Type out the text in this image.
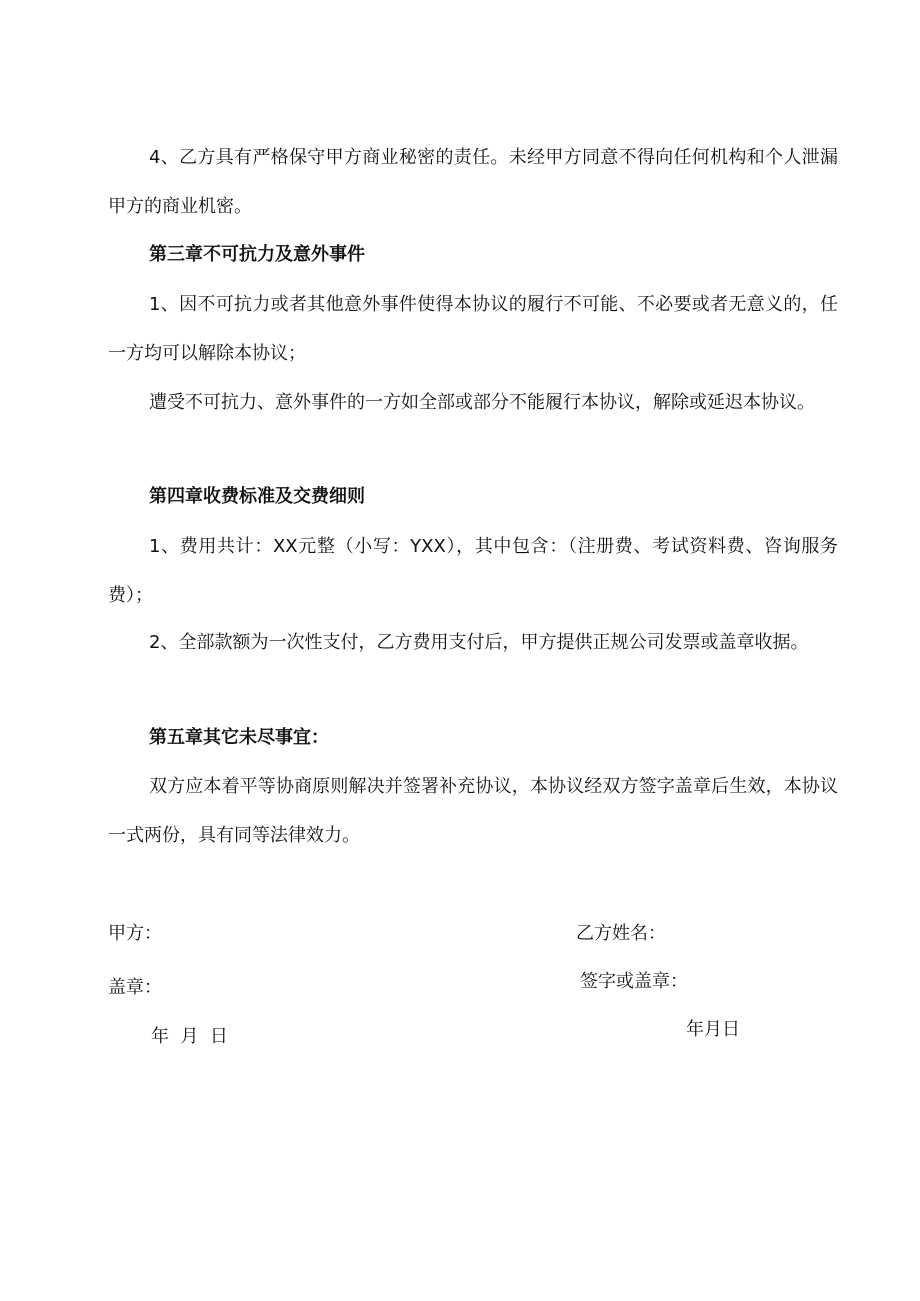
4、乙方具有严格保守甲方商业秘密的责任。未经甲方同意不得向任何机构和个人泄漏甲方的商业机密。

第三章不可抗力及意外事件

1、因不可抗力或者其他意外事件使得本协议的履行不可能、不必要或者无意义的，任一方均可以解除本协议；

遭受不可抗力、意外事件的一方如全部或部分不能履行本协议，解除或延迟本协议。

第四章收费标准及交费细则

1、费用共计：XX元整（小写：YXX），其中包含：（注册费、考试资料费、咨询服务费）；

2、全部款额为一次性支付，乙方费用支付后，甲方提供正规公司发票或盖章收据。

第五章其它未尽事宜：

双方应本着平等协商原则解决并签署补充协议，本协议经双方签字盖章后生效，本协议一式两份，具有同等法律效力。

甲方：

盖章：

年  月  日

乙方姓名：

签字或盖章：

年月日
